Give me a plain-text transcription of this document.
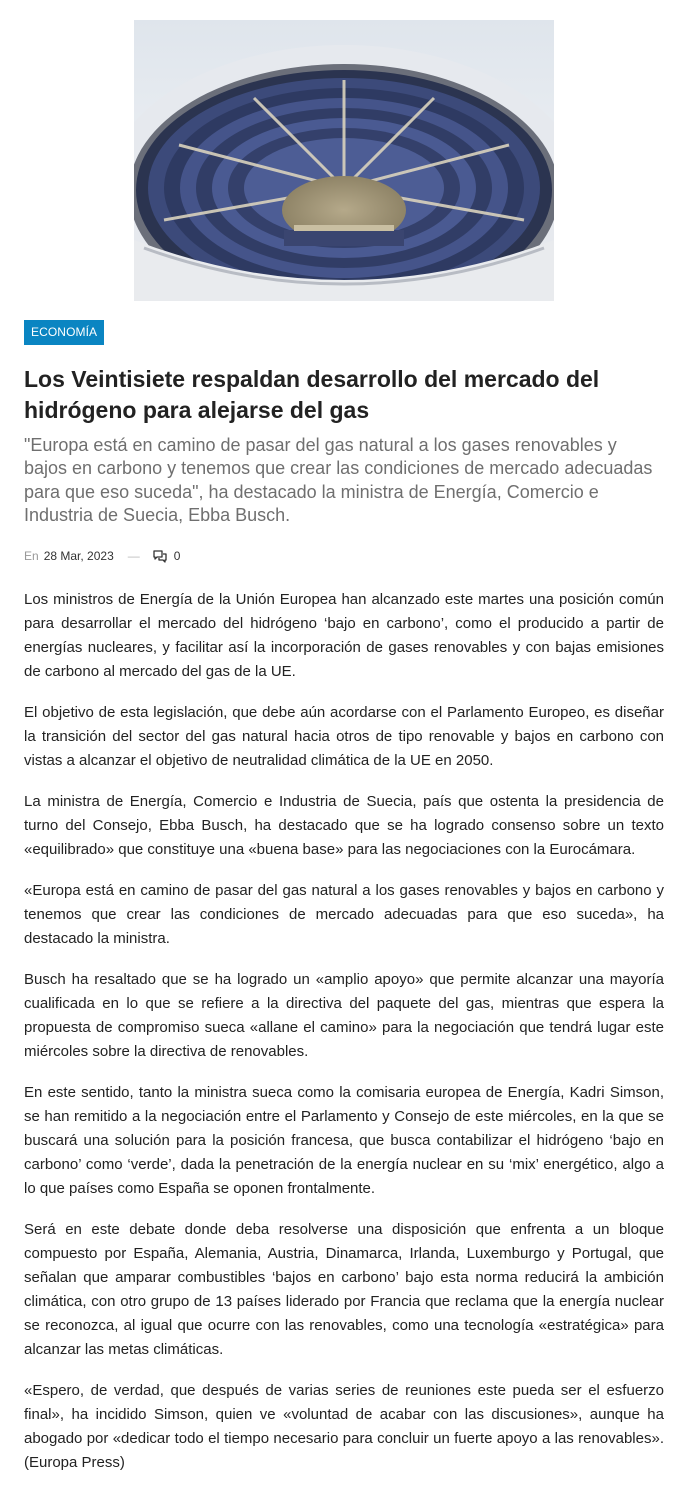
ECONOMÍA
Los Veintisiete respaldan desarrollo del mercado del hidrógeno para alejarse del gas

"Europa está en camino de pasar del gas natural a los gases renovables y bajos en carbono y tenemos que crear las condiciones de mercado adecuadas para que eso suceda", ha destacado la ministra de Energía, Comercio e Industria de Suecia, Ebba Busch.

En 28 Mar, 2023 —	0

Los ministros de Energía de la Unión Europea han alcanzado este martes una posición común para desarrollar el mercado del hidrógeno ‘bajo en carbono’, como el producido a partir de energías nucleares, y facilitar así la incorporación de gases renovables y con bajas emisiones de carbono al mercado del gas de la UE.

El objetivo de esta legislación, que debe aún acordarse con el Parlamento Europeo, es diseñar la transición del sector del gas natural hacia otros de tipo renovable y bajos en carbono con vistas a alcanzar el objetivo de neutralidad climática de la UE en 2050.

La ministra de Energía, Comercio e Industria de Suecia, país que ostenta la presidencia de turno del Consejo, Ebba Busch, ha destacado que se ha logrado consenso sobre un texto «equilibrado» que constituye una «buena base» para las negociaciones con la Eurocámara.

«Europa está en camino de pasar del gas natural a los gases renovables y bajos en carbono y tenemos que crear las condiciones de mercado adecuadas para que eso suceda», ha destacado la ministra.

Busch ha resaltado que se ha logrado un «amplio apoyo» que permite alcanzar una mayoría cualificada en lo que se refiere a la directiva del paquete del gas, mientras que espera la propuesta de compromiso sueca «allane el camino» para la negociación que tendrá lugar este miércoles sobre la directiva de renovables.

En este sentido, tanto la ministra sueca como la comisaria europea de Energía, Kadri Simson, se han remitido a la negociación entre el Parlamento y Consejo de este miércoles, en la que se buscará una solución para la posición francesa, que busca contabilizar el hidrógeno ‘bajo en carbono’ como ‘verde’, dada la penetración de la energía nuclear en su ‘mix’ energético, algo a lo que países como España se oponen frontalmente.

Será en este debate donde deba resolverse una disposición que enfrenta a un bloque compuesto por España, Alemania, Austria, Dinamarca, Irlanda, Luxemburgo y Portugal, que señalan que amparar combustibles ‘bajos en carbono’ bajo esta norma reducirá la ambición climática, con otro grupo de 13 países liderado por Francia que reclama que la energía nuclear se reconozca, al igual que ocurre con las renovables, como una tecnología «estratégica» para alcanzar las metas climáticas.

«Espero, de verdad, que después de varias series de reuniones este pueda ser el esfuerzo final», ha incidido Simson, quien ve «voluntad de acabar con las discusiones», aunque ha abogado por «dedicar todo el tiempo necesario para concluir un fuerte apoyo a las renovables». (Europa Press)
